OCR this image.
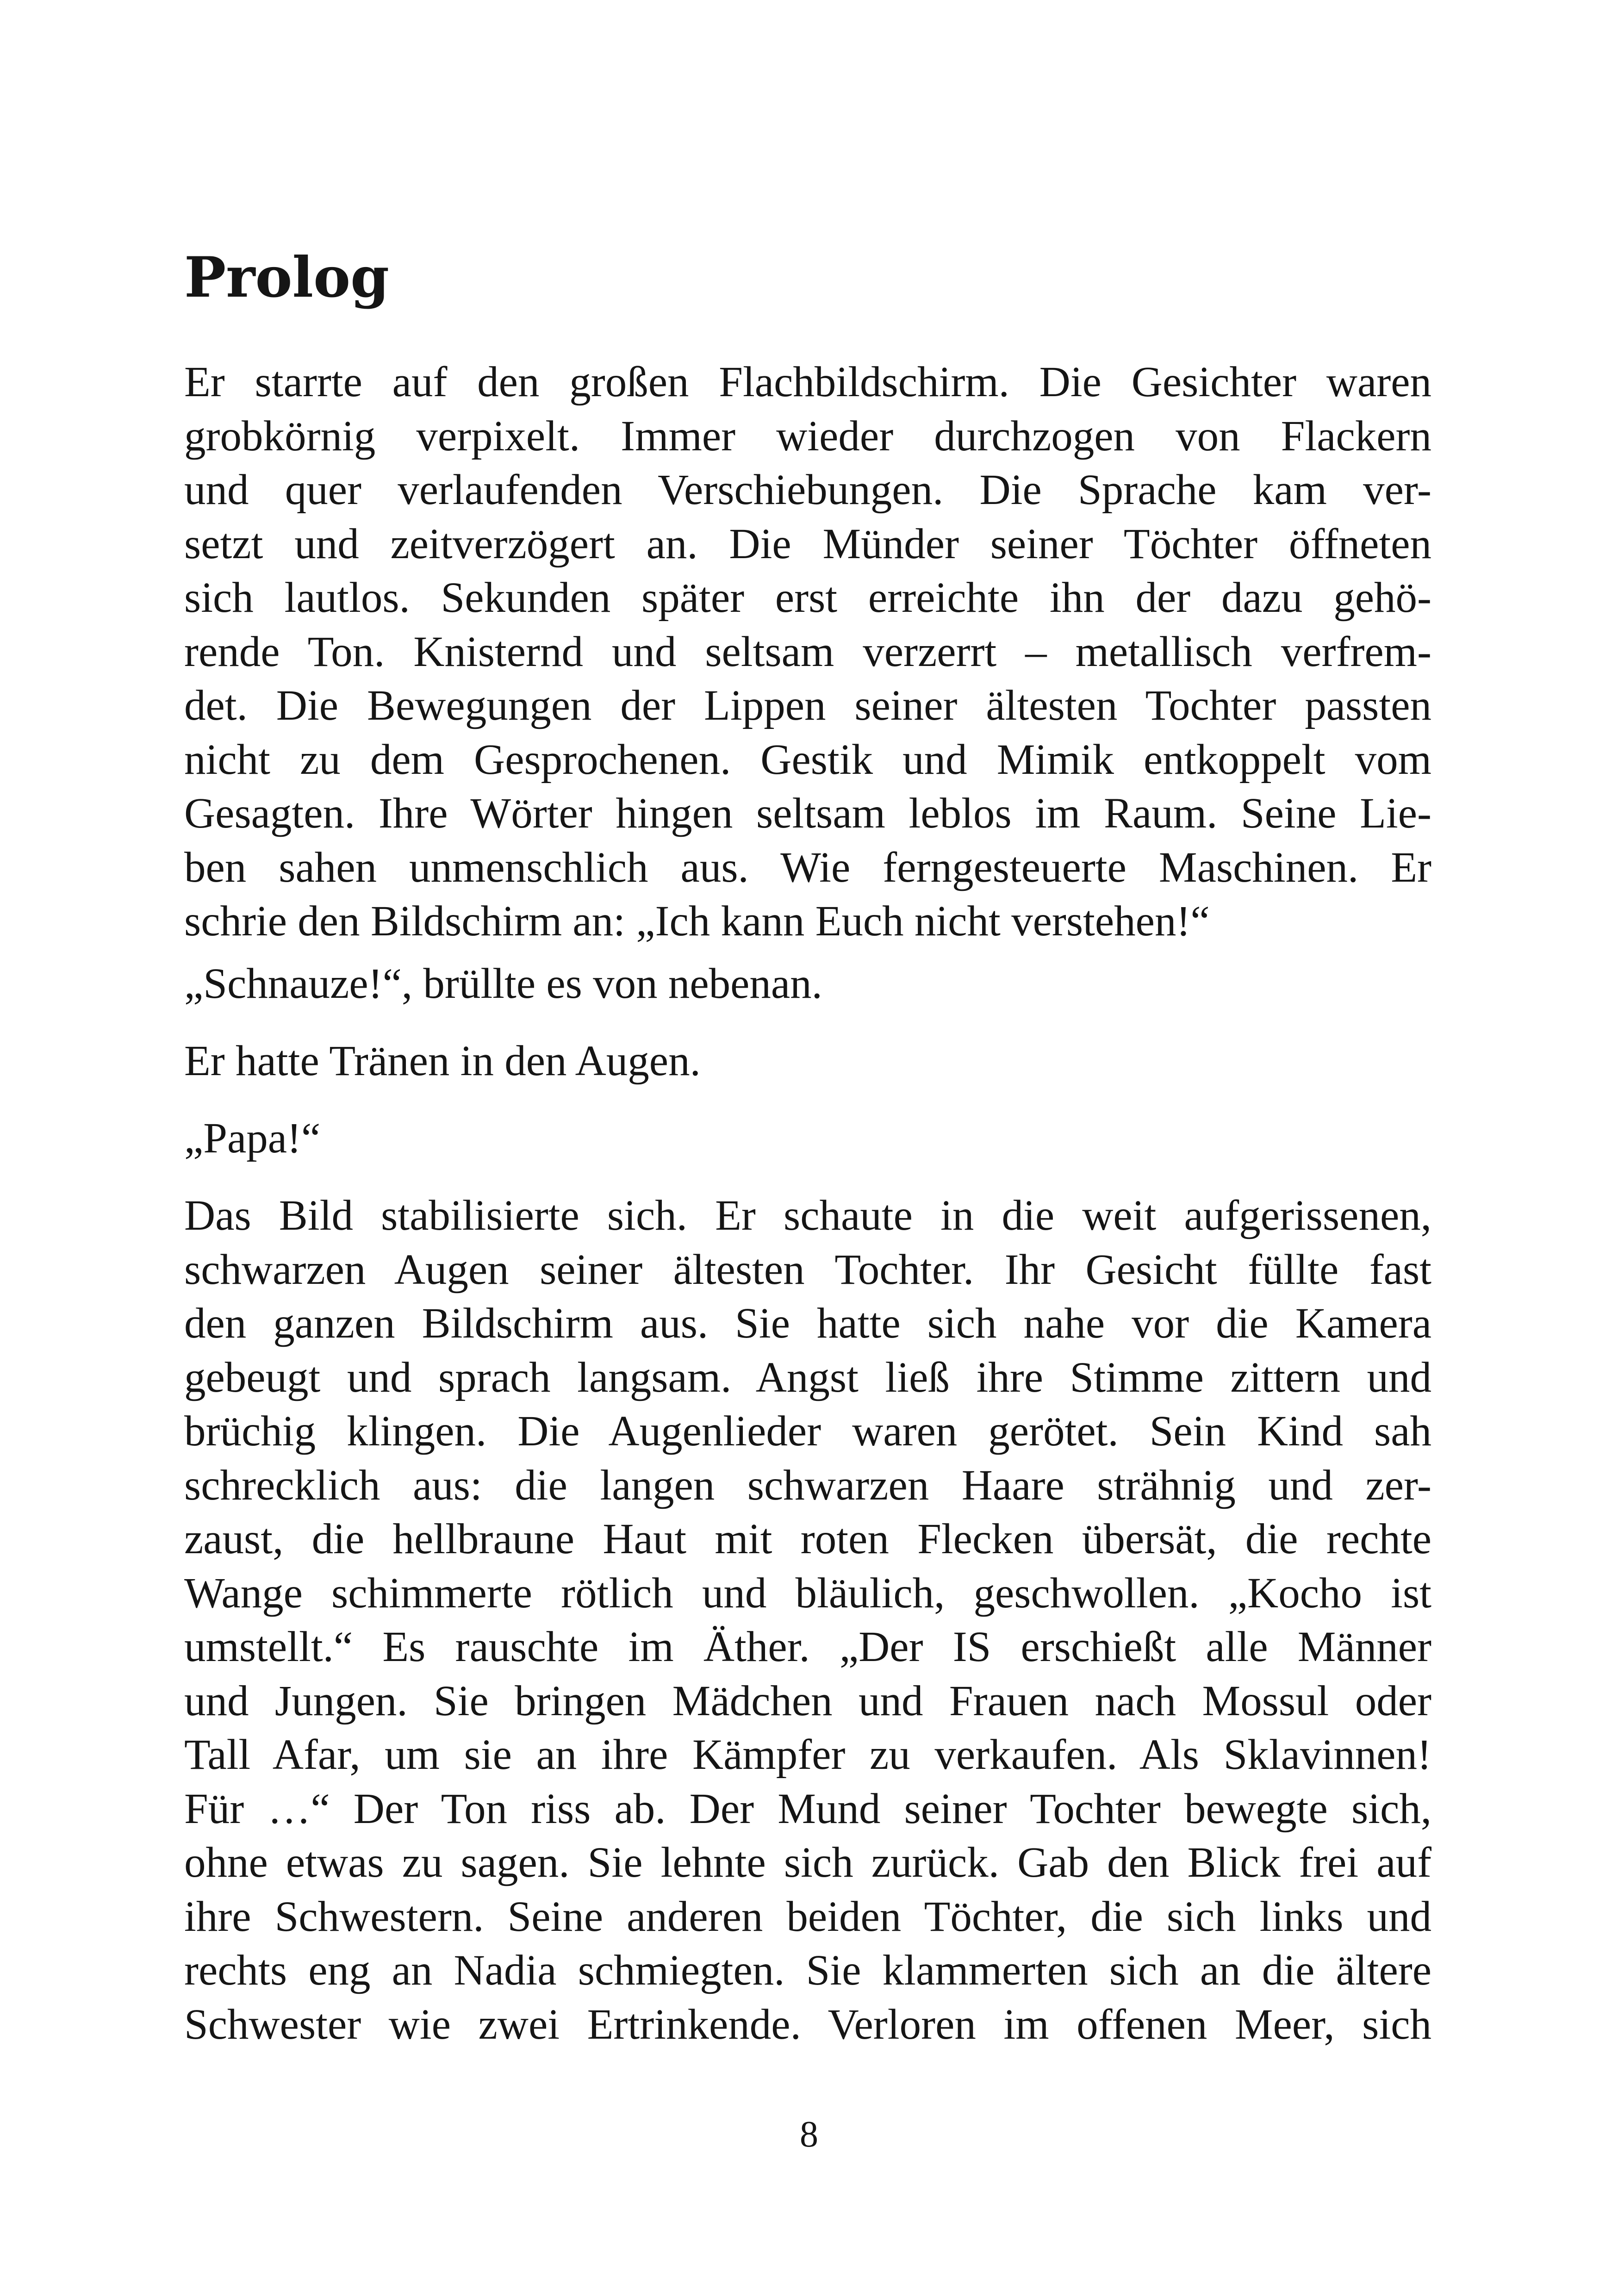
Prolog
Er starrte auf den großen Flachbildschirm. Die Gesichter waren
grobkörnig verpixelt. Immer wieder durchzogen von Flackern
und quer verlaufenden Verschiebungen. Die Sprache kam ver-
setzt und zeitverzögert an. Die Münder seiner Töchter öffneten
sich lautlos. Sekunden später erst erreichte ihn der dazu gehö-
rende Ton. Knisternd und seltsam verzerrt – metallisch verfrem-
det. Die Bewegungen der Lippen seiner ältesten Tochter passten
nicht zu dem Gesprochenen. Gestik und Mimik entkoppelt vom
Gesagten. Ihre Wörter hingen seltsam leblos im Raum. Seine Lie-
ben sahen unmenschlich aus. Wie ferngesteuerte Maschinen. Er
schrie den Bildschirm an: „Ich kann Euch nicht verstehen!“
„Schnauze!“, brüllte es von nebenan.
Er hatte Tränen in den Augen.
„Papa!“
Das Bild stabilisierte sich. Er schaute in die weit aufgerissenen,
schwarzen Augen seiner ältesten Tochter. Ihr Gesicht füllte fast
den ganzen Bildschirm aus. Sie hatte sich nahe vor die Kamera
gebeugt und sprach langsam. Angst ließ ihre Stimme zittern und
brüchig klingen. Die Augenlieder waren gerötet. Sein Kind sah
schrecklich aus: die langen schwarzen Haare strähnig und zer-
zaust, die hellbraune Haut mit roten Flecken übersät, die rechte
Wange schimmerte rötlich und bläulich, geschwollen. „Kocho ist
umstellt.“ Es rauschte im Äther. „Der IS erschießt alle Männer
und Jungen. Sie bringen Mädchen und Frauen nach Mossul oder
Tall Afar, um sie an ihre Kämpfer zu verkaufen. Als Sklavinnen!
Für …“ Der Ton riss ab. Der Mund seiner Tochter bewegte sich,
ohne etwas zu sagen. Sie lehnte sich zurück. Gab den Blick frei auf
ihre Schwestern. Seine anderen beiden Töchter, die sich links und
rechts eng an Nadia schmiegten. Sie klammerten sich an die ältere
Schwester wie zwei Ertrinkende. Verloren im offenen Meer, sich
8
